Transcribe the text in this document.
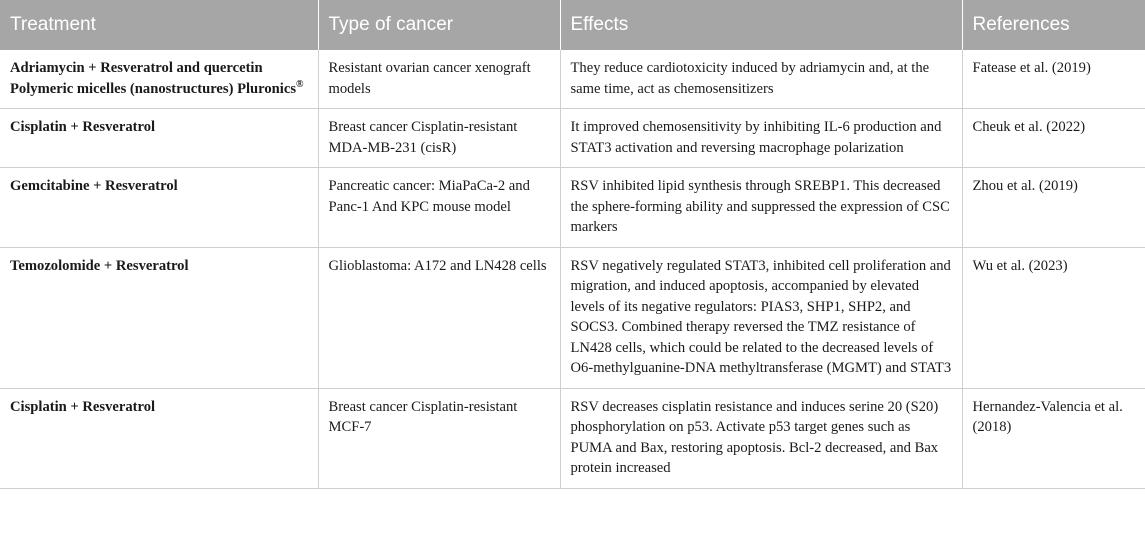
Treatment	Type of cancer	Effects	References
Adriamycin + Resveratrol and quercetin Polymeric micelles (nanostructures) Pluronics®	Resistant ovarian cancer xenograft models	They reduce cardiotoxicity induced by adriamycin and, at the same time, act as chemosensitizers	Fatease et al. (2019)
Cisplatin + Resveratrol	Breast cancer Cisplatin-resistant MDA-MB-231 (cisR)	It improved chemosensitivity by inhibiting IL-6 production and STAT3 activation and reversing macrophage polarization	Cheuk et al. (2022)
Gemcitabine + Resveratrol	Pancreatic cancer: MiaPaCa-2 and Panc-1 And KPC mouse model	RSV inhibited lipid synthesis through SREBP1. This decreased the sphere-forming ability and suppressed the expression of CSC markers	Zhou et al. (2019)
Temozolomide + Resveratrol	Glioblastoma: A172 and LN428 cells	RSV negatively regulated STAT3, inhibited cell proliferation and migration, and induced apoptosis, accompanied by elevated levels of its negative regulators: PIAS3, SHP1, SHP2, and SOCS3. Combined therapy reversed the TMZ resistance of LN428 cells, which could be related to the decreased levels of O6-methylguanine-DNA methyltransferase (MGMT) and STAT3	Wu et al. (2023)
Cisplatin + Resveratrol	Breast cancer Cisplatin-resistant MCF-7	RSV decreases cisplatin resistance and induces serine 20 (S20) phosphorylation on p53. Activate p53 target genes such as PUMA and Bax, restoring apoptosis. Bcl-2 decreased, and Bax protein increased	Hernandez-Valencia et al. (2018)
